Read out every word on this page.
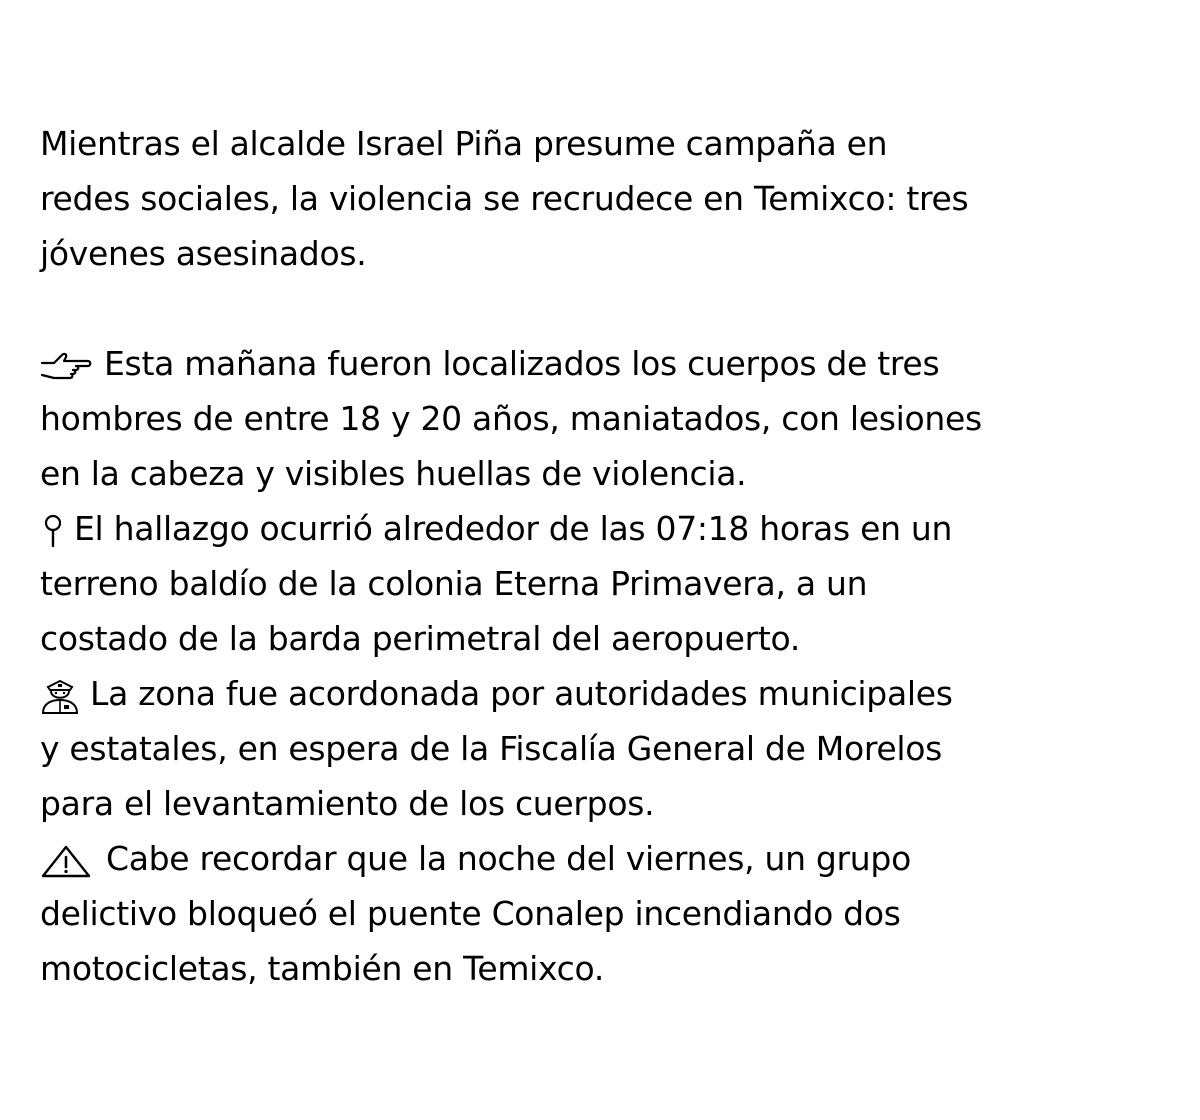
Mientras el alcalde Israel Piña presume campaña en
redes sociales, la violencia se recrudece en Temixco: tres
jóvenes asesinados.
Esta mañana fueron localizados los cuerpos de tres
hombres de entre 18 y 20 años, maniatados, con lesiones
en la cabeza y visibles huellas de violencia.
El hallazgo ocurrió alrededor de las 07:18 horas en un
terreno baldío de la colonia Eterna Primavera, a un
costado de la barda perimetral del aeropuerto.
La zona fue acordonada por autoridades municipales
y estatales, en espera de la Fiscalía General de Morelos
para el levantamiento de los cuerpos.
Cabe recordar que la noche del viernes, un grupo
delictivo bloqueó el puente Conalep incendiando dos
motocicletas, también en Temixco.
